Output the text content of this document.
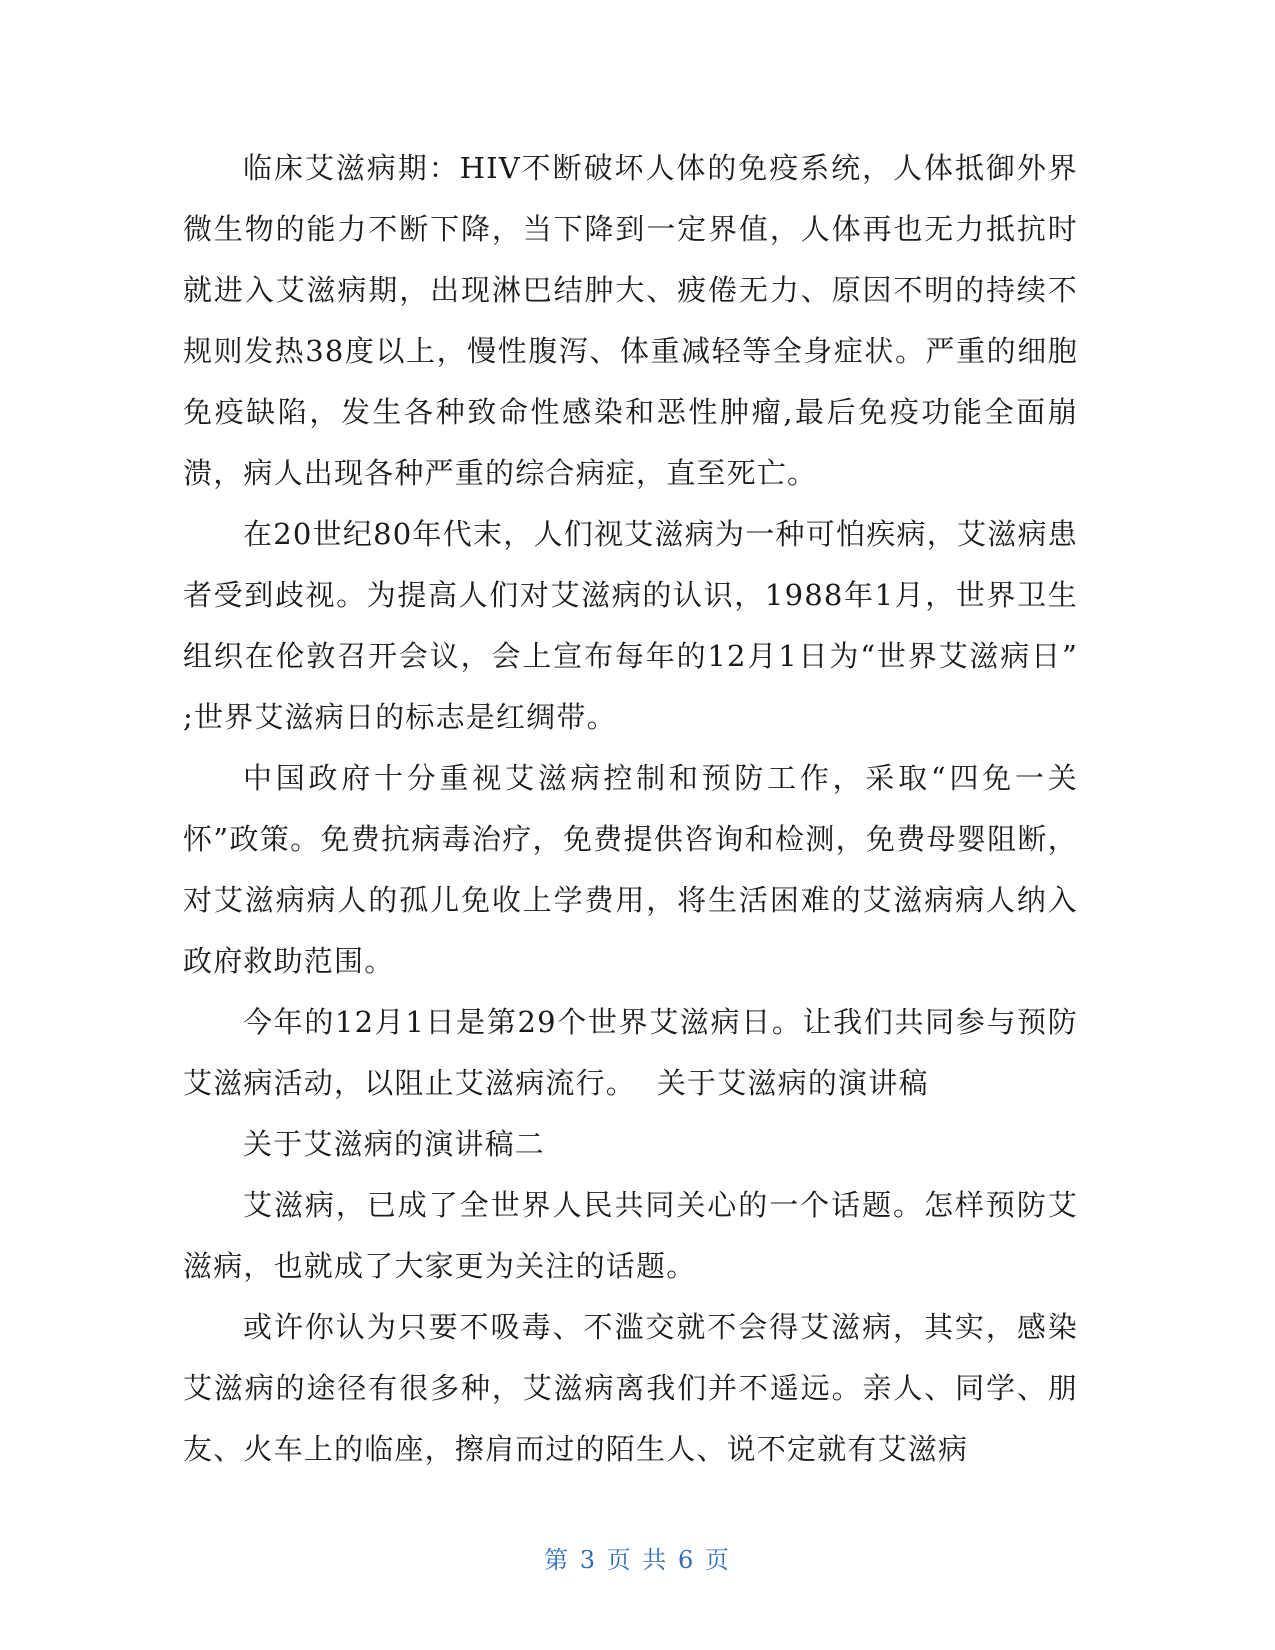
临床艾滋病期：HIV不断破坏人体的免疫系统，人体抵御外界微生物的能力不断下降，当下降到一定界值，人体再也无力抵抗时就进入艾滋病期，出现淋巴结肿大、疲倦无力、原因不明的持续不规则发热38度以上，慢性腹泻、体重减轻等全身症状。严重的细胞免疫缺陷，发生各种致命性感染和恶性肿瘤,最后免疫功能全面崩溃，病人出现各种严重的综合病症，直至死亡。

在20世纪80年代末，人们视艾滋病为一种可怕疾病，艾滋病患者受到歧视。为提高人们对艾滋病的认识，1988年1月，世界卫生组织在伦敦召开会议，会上宣布每年的12月1日为“世界艾滋病日” ;世界艾滋病日的标志是红绸带。

中国政府十分重视艾滋病控制和预防工作，采取“四免一关怀”政策。免费抗病毒治疗，免费提供咨询和检测，免费母婴阻断，对艾滋病病人的孤儿免收上学费用，将生活困难的艾滋病病人纳入政府救助范围。

今年的12月1日是第29个世界艾滋病日。让我们共同参与预防艾滋病活动，以阻止艾滋病流行。  关于艾滋病的演讲稿

关于艾滋病的演讲稿二

艾滋病，已成了全世界人民共同关心的一个话题。怎样预防艾滋病，也就成了大家更为关注的话题。

或许你认为只要不吸毒、不滥交就不会得艾滋病，其实，感染艾滋病的途径有很多种，艾滋病离我们并不遥远。亲人、同学、朋友、火车上的临座，擦肩而过的陌生人、说不定就有艾滋病

第 3 页 共 6 页
